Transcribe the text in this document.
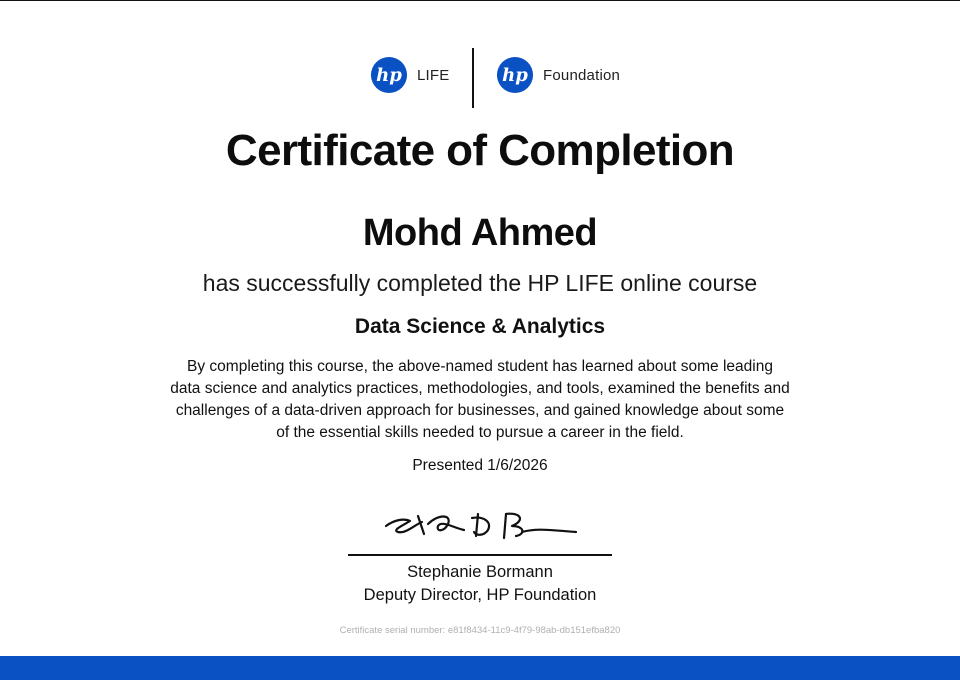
hp LIFE	hp Foundation
Certificate of Completion
Mohd Ahmed
has successfully completed the HP LIFE online course
Data Science & Analytics
By completing this course, the above-named student has learned about some leading
data science and analytics practices, methodologies, and tools, examined the benefits and
challenges of a data-driven approach for businesses, and gained knowledge about some
of the essential skills needed to pursue a career in the field.
Presented 1/6/2026
Stephanie Bormann
Deputy Director, HP Foundation
Certificate serial number: e81f8434-11c9-4f79-98ab-db151efba820
